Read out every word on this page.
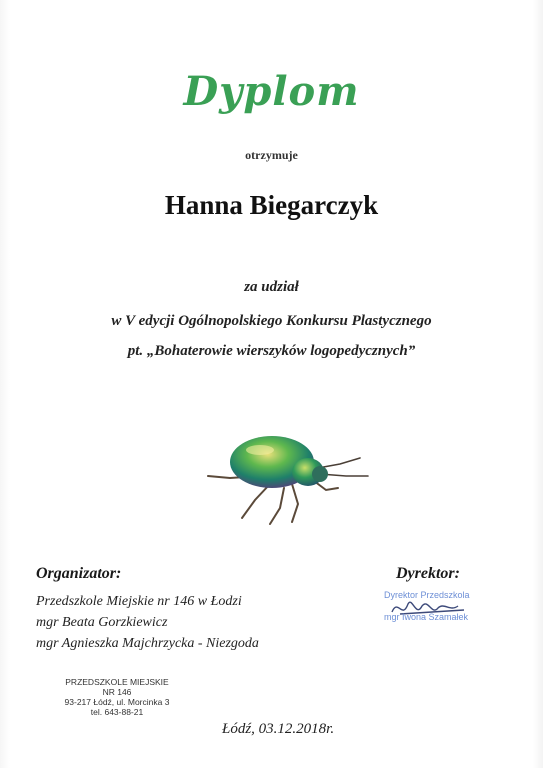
Dyplom
otrzymuje
Hanna Biegarczyk
za udział
w V edycji Ogólnopolskiego Konkursu Plastycznego
pt. „Bohaterowie wierszyków logopedycznych”
Organizator:
Przedszkole Miejskie nr 146 w Łodzi
mgr Beata Gorzkiewicz
mgr Agnieszka Majchrzycka - Niezgoda
Dyrektor:
Dyrektor Przedszkola
mgr Iwona Szamałek
PRZEDSZKOLE MIEJSKIE
NR 146
93-217 Łódź, ul. Morcinka 3
tel. 643-88-21
Łódź, 03.12.2018r.
